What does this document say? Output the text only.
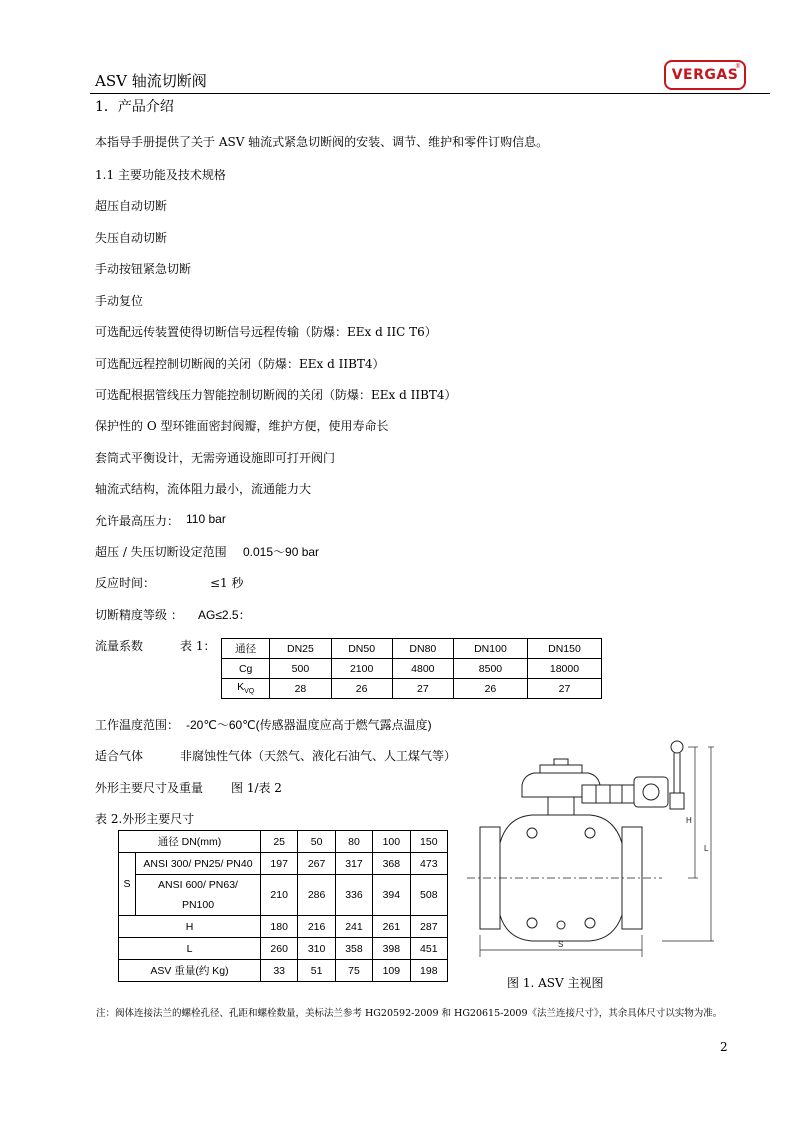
ASV 轴流切断阀	VERGAS
®
1．产品介绍
本指导手册提供了关于 ASV 轴流式紧急切断阀的安装、调节、维护和零件订购信息。
1.1 主要功能及技术规格
超压自动切断
失压自动切断
手动按钮紧急切断
手动复位
可选配远传装置使得切断信号远程传输（防爆：EEx d IIC T6）
可选配远程控制切断阀的关闭（防爆：EEx d IIBT4）
可选配根据管线压力智能控制切断阀的关闭（防爆：EEx d IIBT4）
保护性的 O 型环锥面密封阀瓣，维护方便，使用寿命长
套筒式平衡设计，无需旁通设施即可打开阀门
轴流式结构，流体阻力最小，流通能力大
允许最高压力： 110 bar
超压 / 失压切断设定范围 0.015～90 bar
反应时间：	≤1 秒
切断精度等级 ： AG≤2.5：
流量系数	表 1： 通径	DN25	DN50	DN80	DN100	DN150
Cg	500	2100	4800	8500	18000
$K_{VQ}$	28	26	27	26	27
工作温度范围： -20℃～60℃(传感器温度应高于燃气露点温度)
适合气体	非腐蚀性气体（天然气、液化石油气、人工煤气等）
外形主要尺寸及重量 图 1/表 2
表 2.外形主要尺寸
通径 DN(mm)		25	50	80	100	150
S	ANSI 300/ PN25/ PN40	197	267	317	368	473
	ANSI 600/ PN63/ PN100	210	286	336	394	508
H		180	216	241	261	287
L		260	310	358	398	451
ASV 重量(约 Kg)		33	51	75	109	198
S
H
L
图 1. ASV 主视图
注：阀体连接法兰的螺栓孔径、孔距和螺栓数量，美标法兰参考 HG20592-2009 和 HG20615-2009《法兰连接尺寸》，其余具体尺寸以实物为准。
2
